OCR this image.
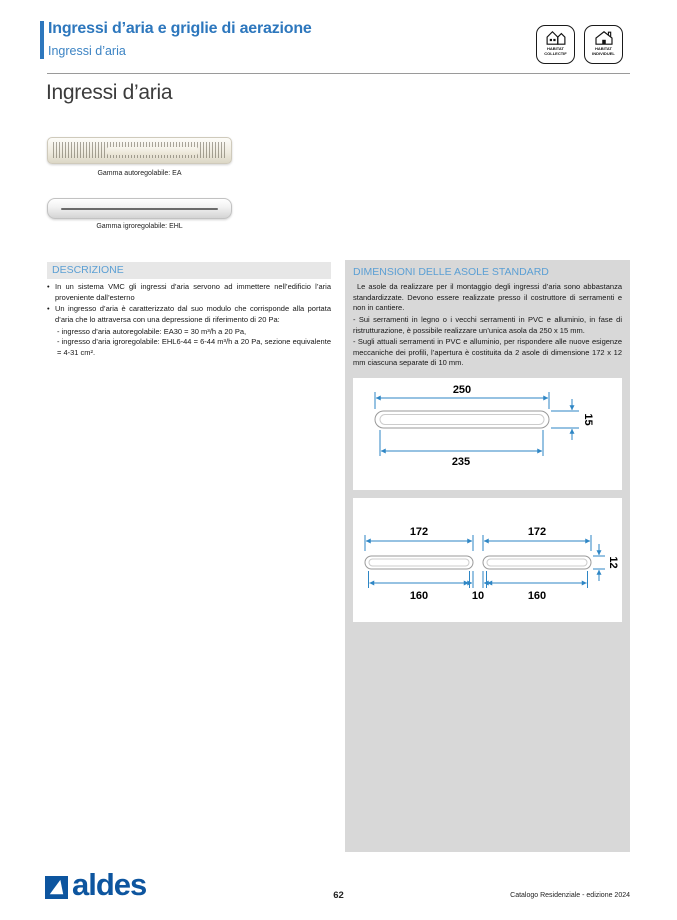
Ingressi d’aria e griglie di aerazione
Ingressi d’aria
Ingressi d’aria
HABITAT
COLLECTIF
HABITAT
INDIVIDUEL

Gamma autoregolabile: EA

Gamma igroregolabile: EHL

DESCRIZIONE
• In un sistema VMC gli ingressi d’aria servono ad immettere nell’edificio l’aria proveniente dall’esterno
• Un ingresso d’aria è caratterizzato dal suo modulo che corrisponde alla portata d’aria che lo attraversa con una depressione di riferimento di 20 Pa:
- ingresso d’aria autoregolabile: EA30 = 30 m³/h a 20 Pa,
- ingresso d’aria igroregolabile: EHL6-44 = 6-44 m³/h a 20 Pa, sezione equivalente = 4-31 cm².
DIMENSIONI DELLE ASOLE STANDARD

Le asole da realizzare per il montaggio degli ingressi d’aria sono abbastanza standardizzate. Devono essere realizzate presso il costruttore di serramenti e non in cantiere.

- Sui serramenti in legno o i vecchi serramenti in PVC e alluminio, in fase di ristrutturazione, è possibile realizzare un’unica asola da 250 x 15 mm.

- Sugli attuali serramenti in PVC e alluminio, per rispondere alle nuove esigenze meccaniche dei profili, l’apertura è costituita da 2 asole di dimensione 172 x 12 mm ciascuna separate di 10 mm.

250
235
15
172	172
160	10	160
12
aldes	62	Catalogo Residenziale - edizione 2024
